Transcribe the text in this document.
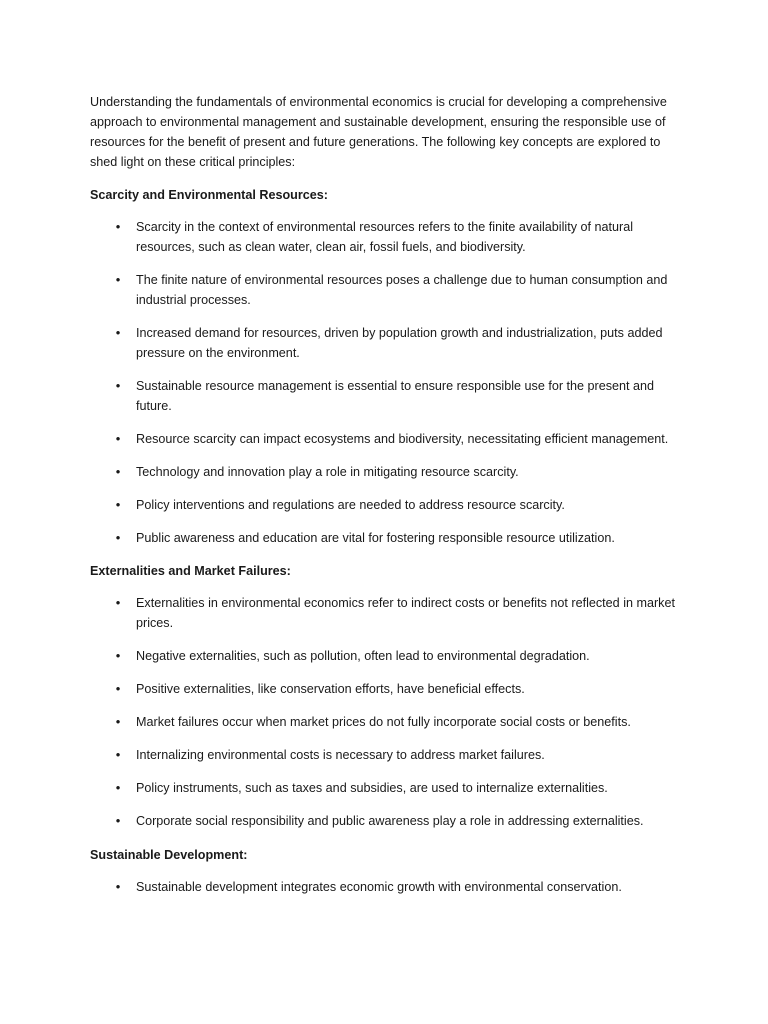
Understanding the fundamentals of environmental economics is crucial for developing a comprehensive approach to environmental management and sustainable development, ensuring the responsible use of resources for the benefit of present and future generations. The following key concepts are explored to shed light on these critical principles:

Scarcity and Environmental Resources:

• Scarcity in the context of environmental resources refers to the finite availability of natural resources, such as clean water, clean air, fossil fuels, and biodiversity.
• The finite nature of environmental resources poses a challenge due to human consumption and industrial processes.
• Increased demand for resources, driven by population growth and industrialization, puts added pressure on the environment.
• Sustainable resource management is essential to ensure responsible use for the present and future.
• Resource scarcity can impact ecosystems and biodiversity, necessitating efficient management.
• Technology and innovation play a role in mitigating resource scarcity.
• Policy interventions and regulations are needed to address resource scarcity.
• Public awareness and education are vital for fostering responsible resource utilization.

Externalities and Market Failures:

• Externalities in environmental economics refer to indirect costs or benefits not reflected in market prices.
• Negative externalities, such as pollution, often lead to environmental degradation.
• Positive externalities, like conservation efforts, have beneficial effects.
• Market failures occur when market prices do not fully incorporate social costs or benefits.
• Internalizing environmental costs is necessary to address market failures.
• Policy instruments, such as taxes and subsidies, are used to internalize externalities.
• Corporate social responsibility and public awareness play a role in addressing externalities.

Sustainable Development:

• Sustainable development integrates economic growth with environmental conservation.
